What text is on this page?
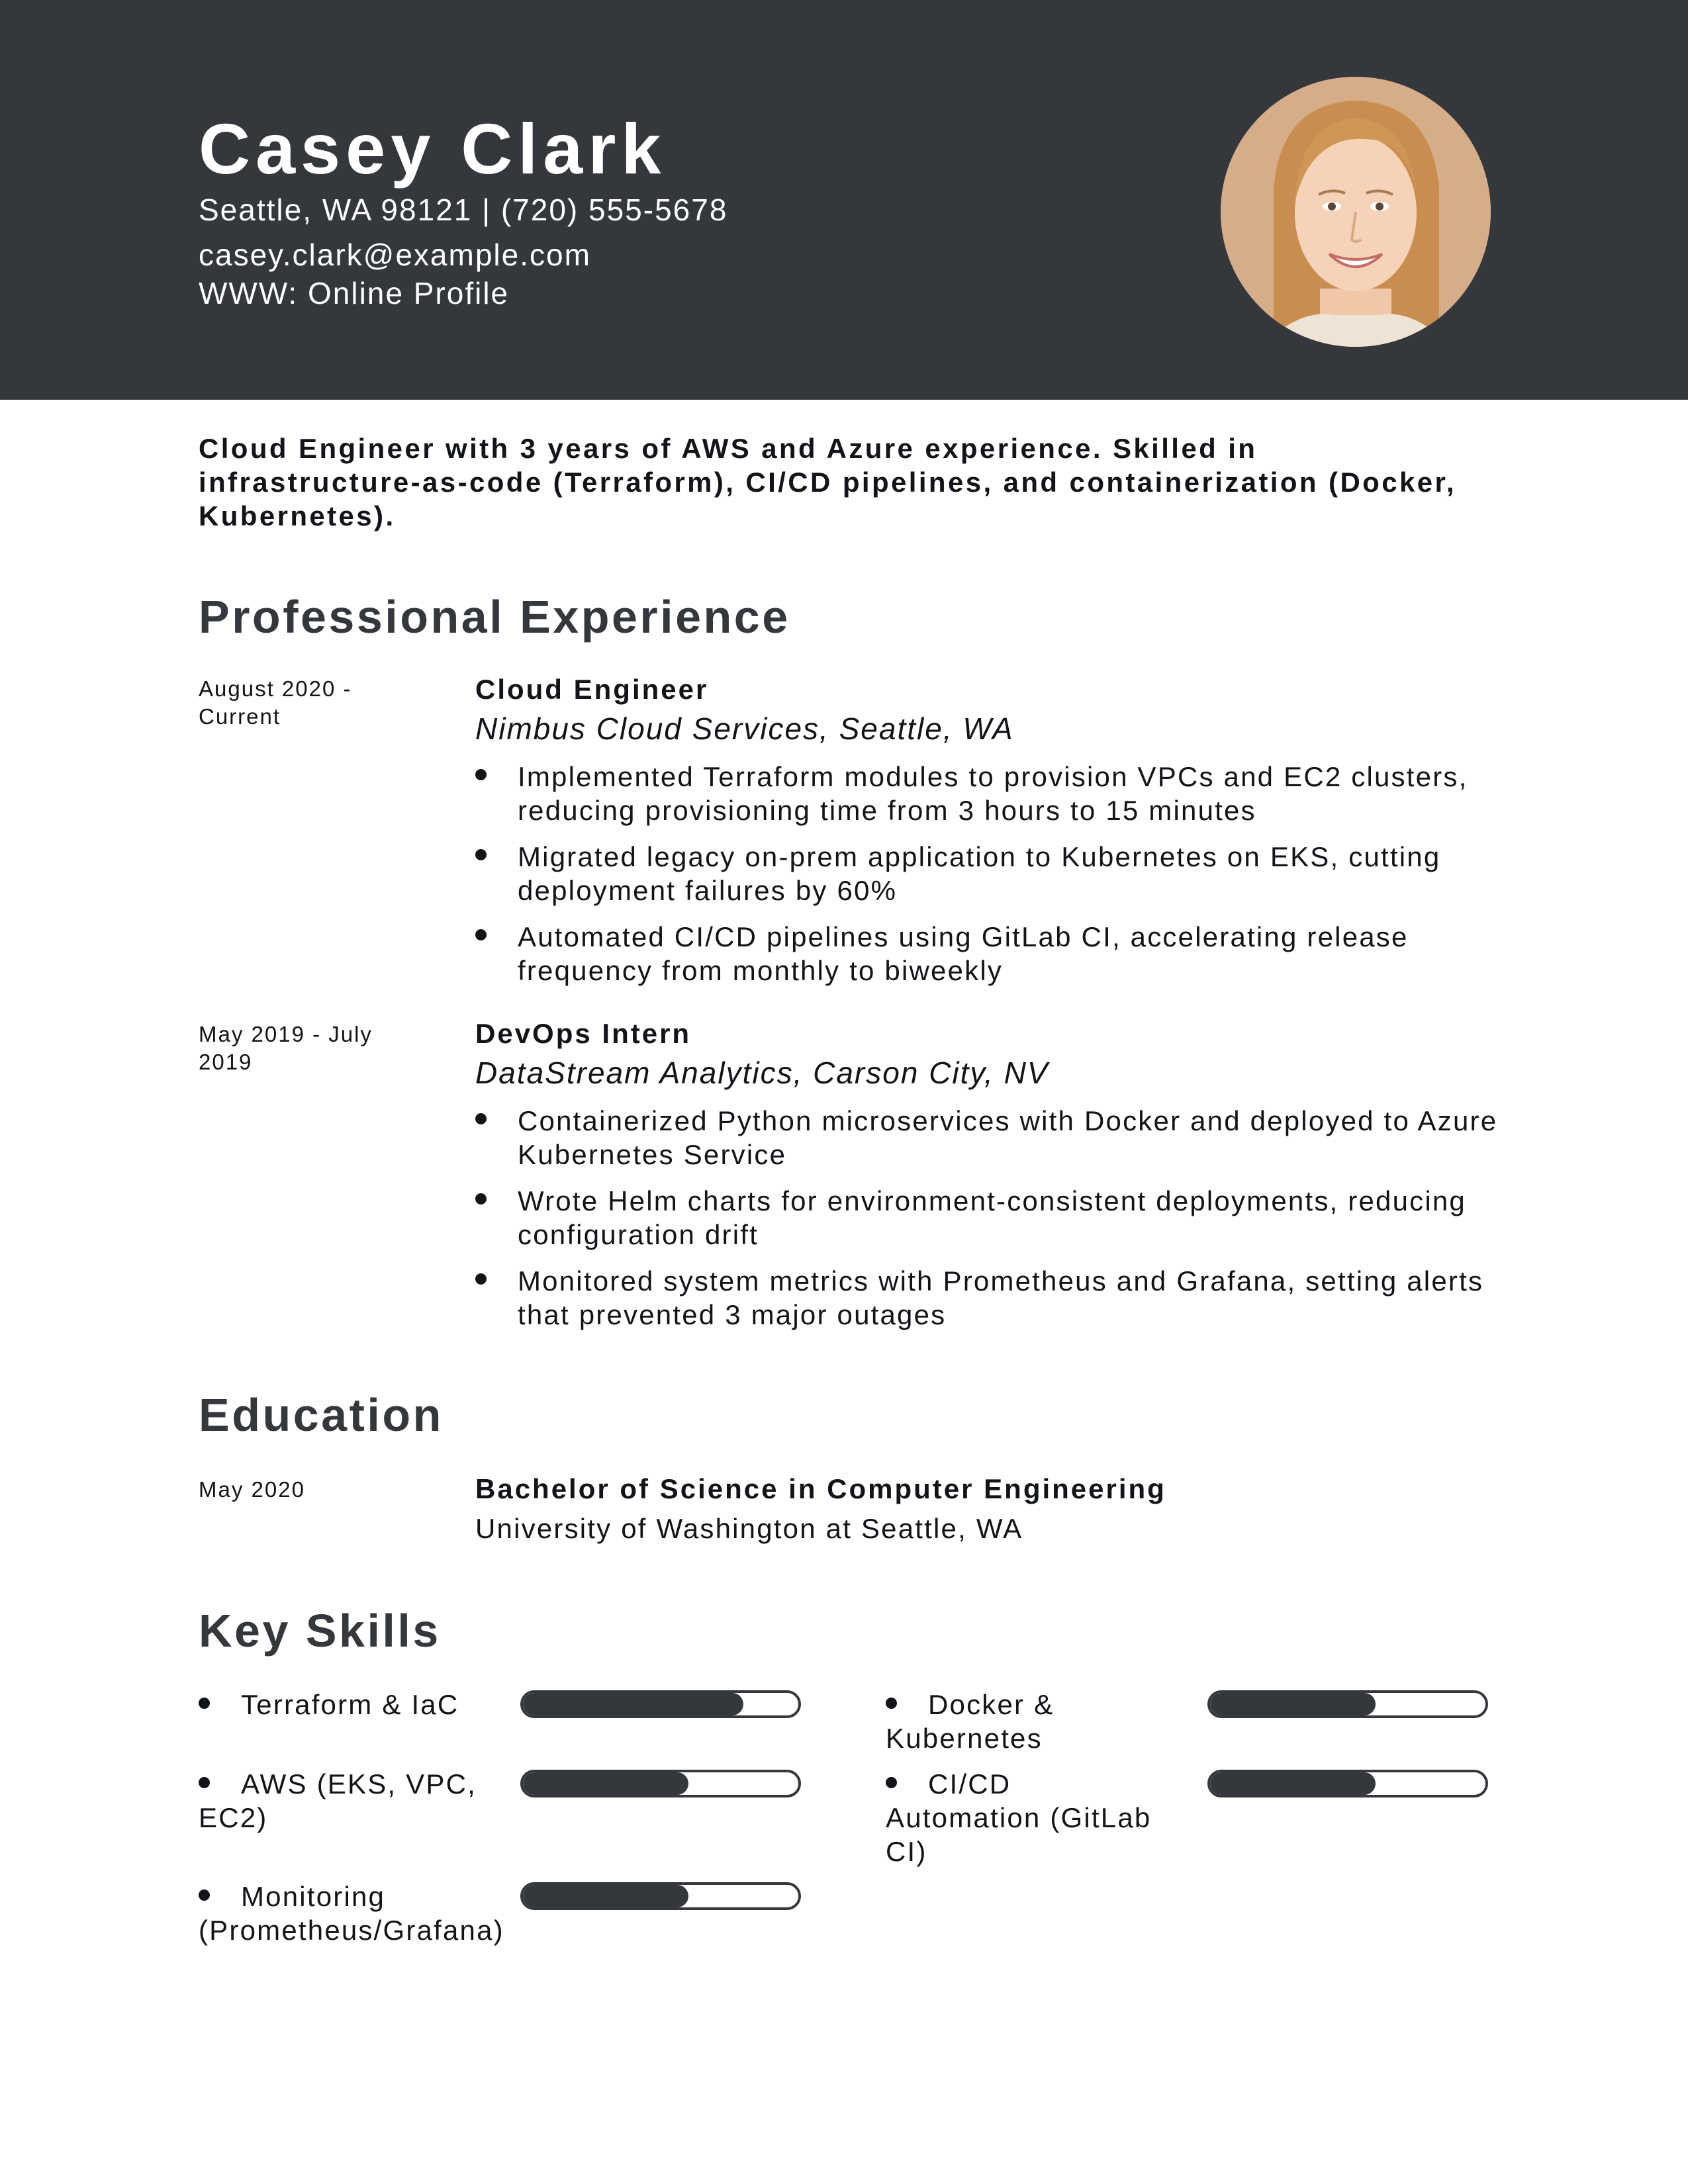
Casey Clark
Seattle, WA 98121 | (720) 555-5678
casey.clark@example.com
WWW: Online Profile
Cloud Engineer with 3 years of AWS and Azure experience. Skilled in infrastructure-as-code (Terraform), CI/CD pipelines, and containerization (Docker, Kubernetes).
Professional Experience
August 2020 - Current
Cloud Engineer
Nimbus Cloud Services, Seattle, WA
Implemented Terraform modules to provision VPCs and EC2 clusters, reducing provisioning time from 3 hours to 15 minutes
Migrated legacy on-prem application to Kubernetes on EKS, cutting deployment failures by 60%
Automated CI/CD pipelines using GitLab CI, accelerating release frequency from monthly to biweekly
May 2019 - July 2019
DevOps Intern
DataStream Analytics, Carson City, NV
Containerized Python microservices with Docker and deployed to Azure Kubernetes Service
Wrote Helm charts for environment-consistent deployments, reducing configuration drift
Monitored system metrics with Prometheus and Grafana, setting alerts that prevented 3 major outages
Education
May 2020	Bachelor of Science in Computer Engineering
University of Washington at Seattle, WA
Key Skills
Terraform & IaC	Docker & Kubernetes
AWS (EKS, VPC, EC2)
CI/CD Automation (GitLab CI)
Monitoring (Prometheus/Grafana)
